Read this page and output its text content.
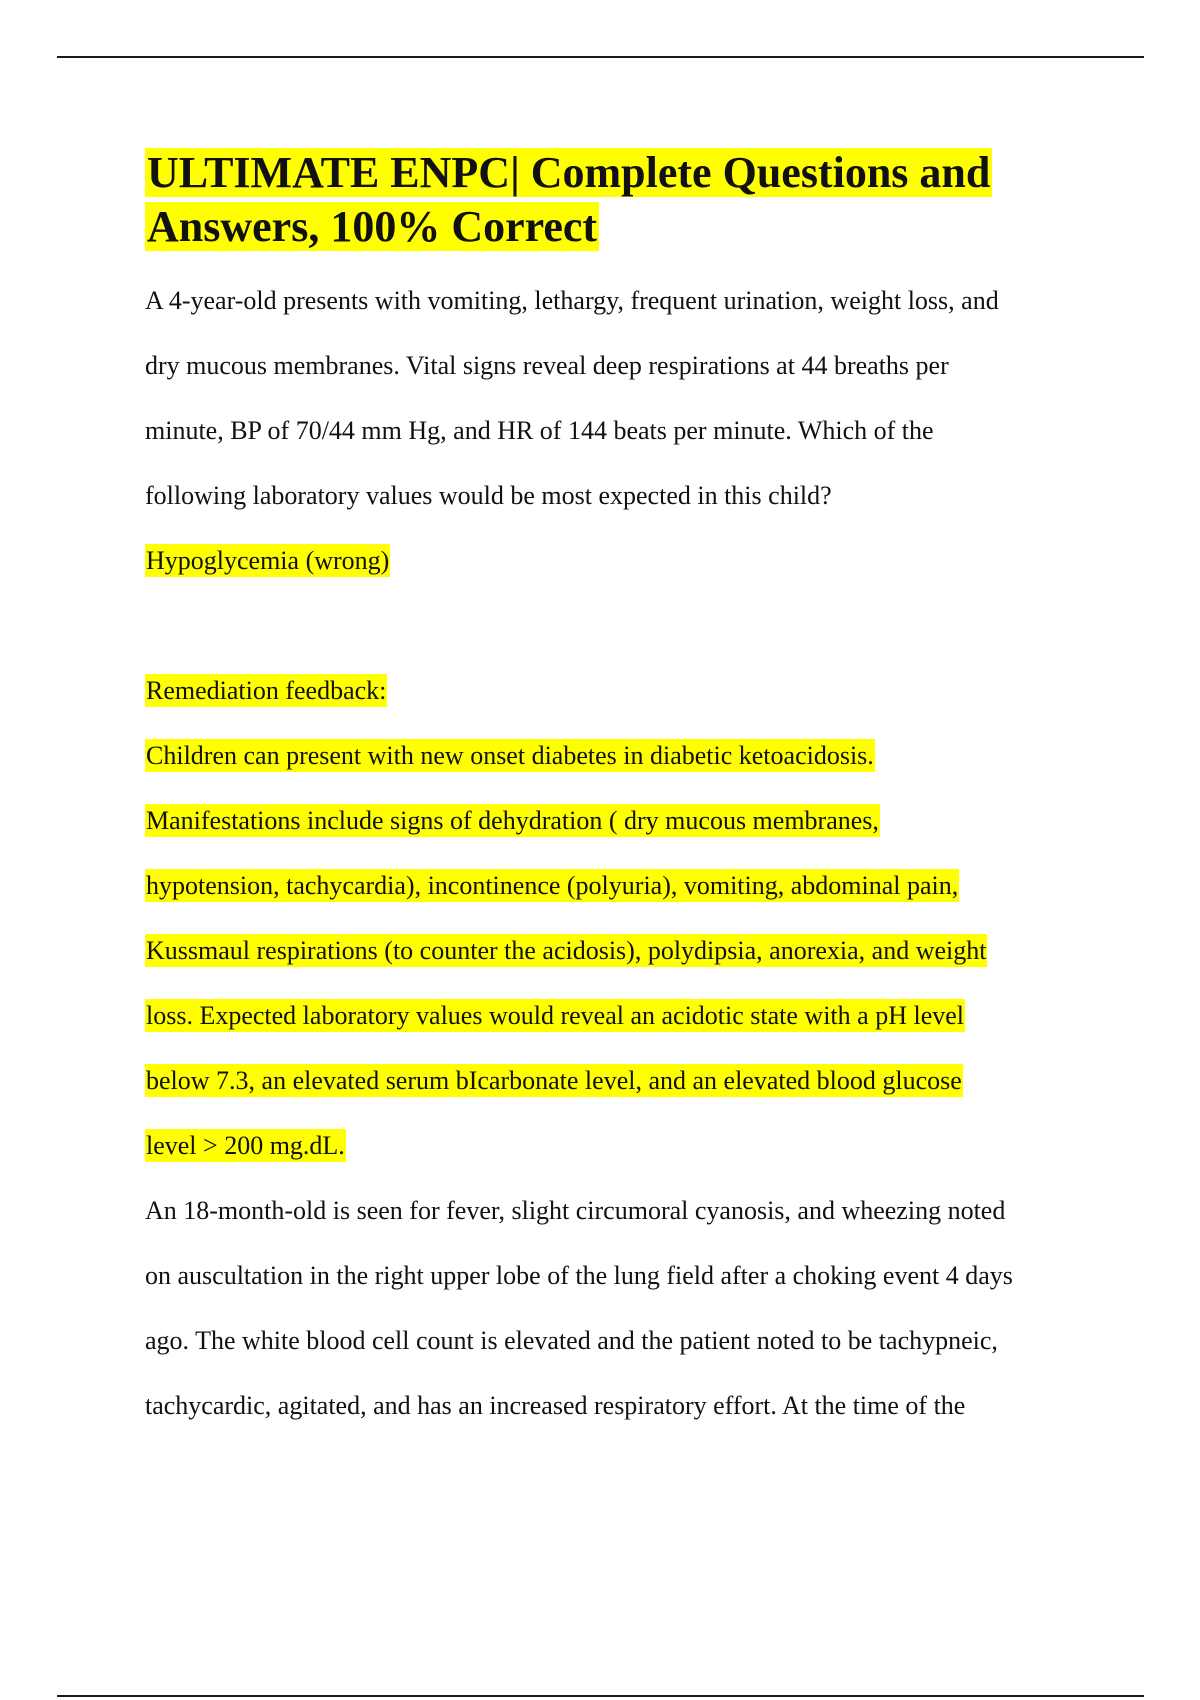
ULTIMATE ENPC| Complete Questions and
Answers, 100% Correct

A 4-year-old presents with vomiting, lethargy, frequent urination, weight loss, and

dry mucous membranes. Vital signs reveal deep respirations at 44 breaths per

minute, BP of 70/44 mm Hg, and HR of 144 beats per minute. Which of the

following laboratory values would be most expected in this child?

Hypoglycemia (wrong)

Remediation feedback:

Children can present with new onset diabetes in diabetic ketoacidosis.

Manifestations include signs of dehydration ( dry mucous membranes,

hypotension, tachycardia), incontinence (polyuria), vomiting, abdominal pain,

Kussmaul respirations (to counter the acidosis), polydipsia, anorexia, and weight

loss. Expected laboratory values would reveal an acidotic state with a pH level

below 7.3, an elevated serum bIcarbonate level, and an elevated blood glucose

level > 200 mg.dL.

An 18-month-old is seen for fever, slight circumoral cyanosis, and wheezing noted

on auscultation in the right upper lobe of the lung field after a choking event 4 days

ago. The white blood cell count is elevated and the patient noted to be tachypneic,

tachycardic, agitated, and has an increased respiratory effort. At the time of the
